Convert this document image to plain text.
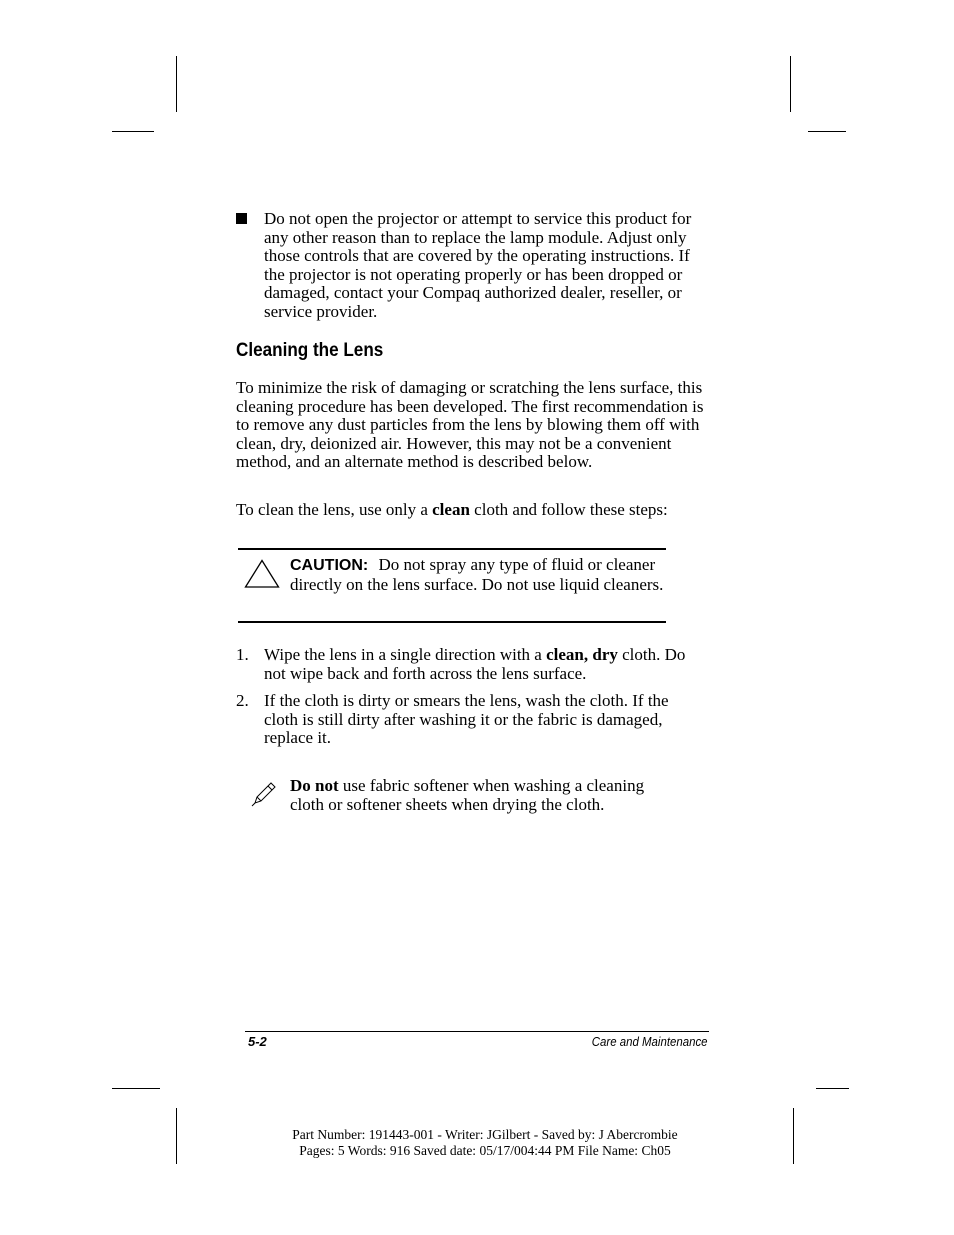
Do not open the projector or attempt to service this product for any other reason than to replace the lamp module. Adjust only those controls that are covered by the operating instructions. If the projector is not operating properly or has been dropped or damaged, contact your Compaq authorized dealer, reseller, or service provider.
Cleaning the Lens
To minimize the risk of damaging or scratching the lens surface, this cleaning procedure has been developed. The first recommendation is to remove any dust particles from the lens by blowing them off with clean, dry, deionized air. However, this may not be a convenient method, and an alternate method is described below.
To clean the lens, use only a clean cloth and follow these steps:
CAUTION: Do not spray any type of fluid or cleaner directly on the lens surface. Do not use liquid cleaners.
1. Wipe the lens in a single direction with a clean, dry cloth. Do not wipe back and forth across the lens surface.
2. If the cloth is dirty or smears the lens, wash the cloth. If the cloth is still dirty after washing it or the fabric is damaged, replace it.
Do not use fabric softener when washing a cleaning cloth or softener sheets when drying the cloth.
5-2	Care and Maintenance
Part Number: 191443-001 - Writer: JGilbert - Saved by: J Abercrombie
Pages: 5 Words: 916 Saved date: 05/17/004:44 PM File Name: Ch05
